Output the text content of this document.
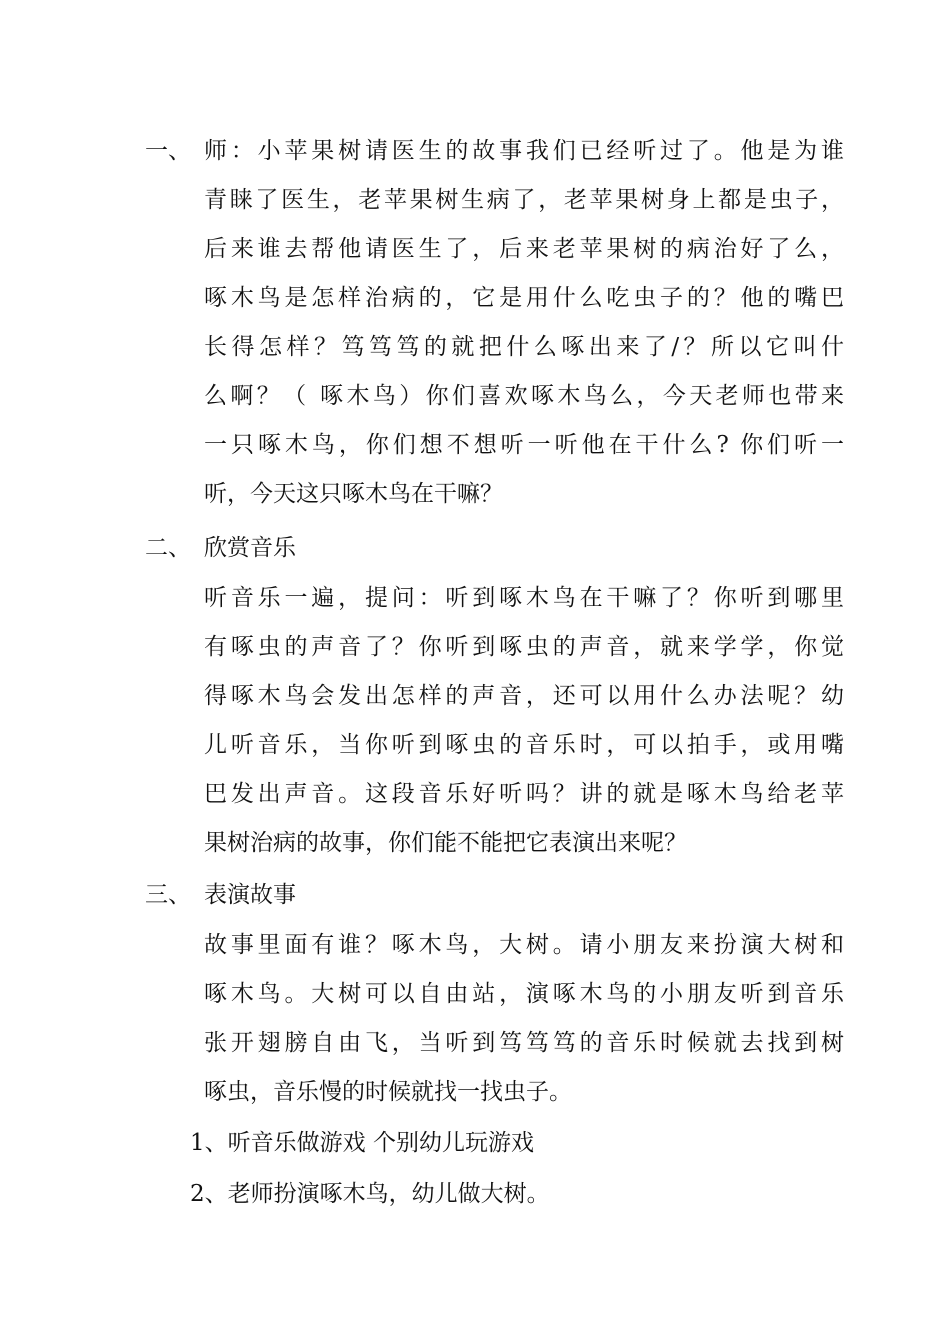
一、 师：小苹果树请医生的故事我们已经听过了。他是为谁
青睐了医生，老苹果树生病了，老苹果树身上都是虫子，
后来谁去帮他请医生了，后来老苹果树的病治好了么，
啄木鸟是怎样治病的，它是用什么吃虫子的？他的嘴巴
长得怎样？笃笃笃的就把什么啄出来了/？所以它叫什
么啊？（ 啄木鸟）你们喜欢啄木鸟么，今天老师也带来
一只啄木鸟，你们想不想听一听他在干什么? 你们听一
听，今天这只啄木鸟在干嘛？
二、 欣赏音乐
听音乐一遍，提问：听到啄木鸟在干嘛了？你听到哪里
有啄虫的声音了？你听到啄虫的声音，就来学学，你觉
得啄木鸟会发出怎样的声音，还可以用什么办法呢？幼
儿听音乐，当你听到啄虫的音乐时，可以拍手，或用嘴
巴发出声音。这段音乐好听吗？讲的就是啄木鸟给老苹
果树治病的故事，你们能不能把它表演出来呢？
三、 表演故事
故事里面有谁？啄木鸟，大树。请小朋友来扮演大树和
啄木鸟。大树可以自由站，演啄木鸟的小朋友听到音乐
张开翅膀自由飞，当听到笃笃笃的音乐时候就去找到树
啄虫，音乐慢的时候就找一找虫子。
1、听音乐做游戏 个别幼儿玩游戏
2、老师扮演啄木鸟，幼儿做大树。
